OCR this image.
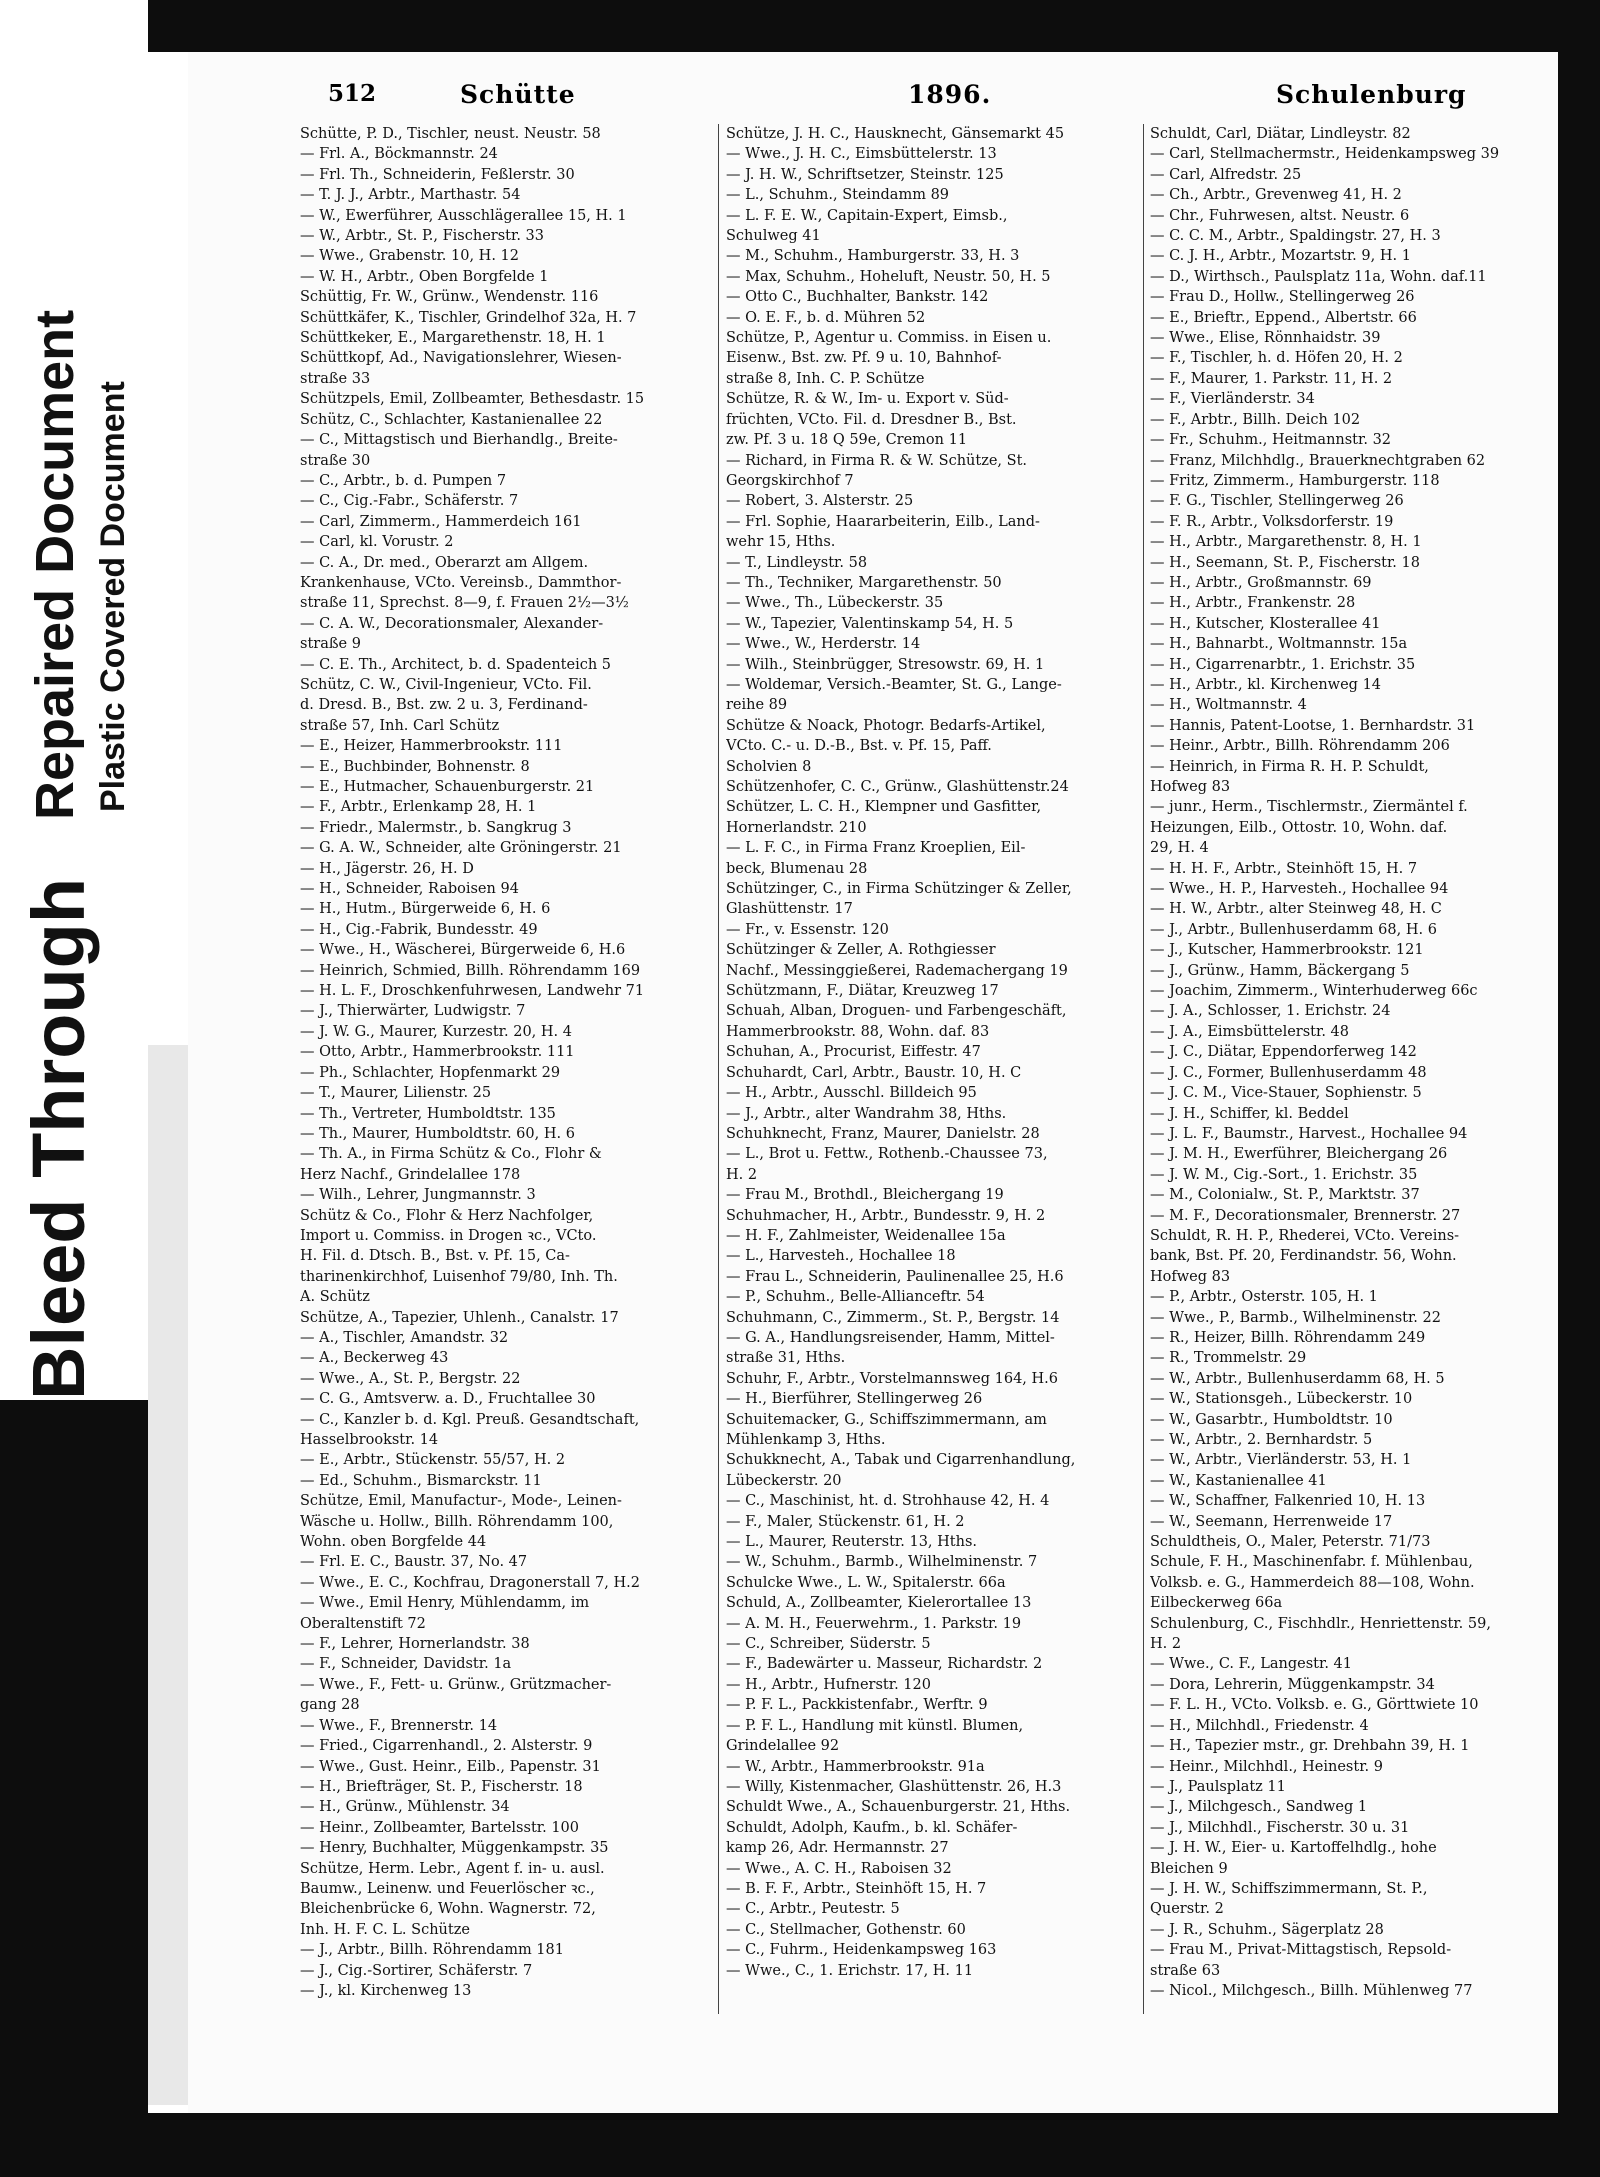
Repaired Document Plastic Covered Document
Bleed Through
512	Schütte	1896.	Schulenburg
Schütte, P. D., Tischler, neust. Neustr. 58
— Frl. A., Böckmannstr. 24
— Frl. Th., Schneiderin, Feßlerstr. 30
— T. J. J., Arbtr., Marthastr. 54
— W., Ewerführer, Ausschlägerallee 15, H. 1
— W., Arbtr., St. P., Fischerstr. 33
— Wwe., Grabenstr. 10, H. 12
— W. H., Arbtr., Oben Borgfelde 1
Schüttig, Fr. W., Grünw., Wendenstr. 116
Schüttkäfer, K., Tischler, Grindelhof 32a, H. 7
Schüttkeker, E., Margarethenstr. 18, H. 1
Schüttkopf, Ad., Navigationslehrer, Wiesen-
straße 33
Schützpels, Emil, Zollbeamter, Bethesdastr. 15
Schütz, C., Schlachter, Kastanienallee 22
— C., Mittagstisch und Bierhandlg., Breite-
straße 30
— C., Arbtr., b. d. Pumpen 7
— C., Cig.-Fabr., Schäferstr. 7
— Carl, Zimmerm., Hammerdeich 161
— Carl, kl. Vorustr. 2
— C. A., Dr. med., Oberarzt am Allgem.
Krankenhause, VCto. Vereinsb., Dammthor-
straße 11, Sprechst. 8—9, f. Frauen 2½—3½
— C. A. W., Decorationsmaler, Alexander-
straße 9
— C. E. Th., Architect, b. d. Spadenteich 5
Schütz, C. W., Civil-Ingenieur, VCto. Fil.
d. Dresd. B., Bst. zw. 2 u. 3, Ferdinand-
straße 57, Inh. Carl Schütz
— E., Heizer, Hammerbrookstr. 111
— E., Buchbinder, Bohnenstr. 8
— E., Hutmacher, Schauenburgerstr. 21
— F., Arbtr., Erlenkamp 28, H. 1
— Friedr., Malermstr., b. Sangkrug 3
— G. A. W., Schneider, alte Gröningerstr. 21
— H., Jägerstr. 26, H. D
— H., Schneider, Raboisen 94
— H., Hutm., Bürgerweide 6, H. 6
— H., Cig.-Fabrik, Bundesstr. 49
— Wwe., H., Wäscherei, Bürgerweide 6, H.6
— Heinrich, Schmied, Billh. Röhrendamm 169
— H. L. F., Droschkenfuhrwesen, Landwehr 71
— J., Thierwärter, Ludwigstr. 7
— J. W. G., Maurer, Kurzestr. 20, H. 4
— Otto, Arbtr., Hammerbrookstr. 111
— Ph., Schlachter, Hopfenmarkt 29
— T., Maurer, Lilienstr. 25
— Th., Vertreter, Humboldtstr. 135
— Th., Maurer, Humboldtstr. 60, H. 6
— Th. A., in Firma Schütz & Co., Flohr &
Herz Nachf., Grindelallee 178
— Wilh., Lehrer, Jungmannstr. 3
Schütz & Co., Flohr & Herz Nachfolger,
Import u. Commiss. in Drogen ꝛc., VCto.
H. Fil. d. Dtsch. B., Bst. v. Pf. 15, Ca-
tharinenkirchhof, Luisenhof 79/80, Inh. Th.
A. Schütz
Schütze, A., Tapezier, Uhlenh., Canalstr. 17
— A., Tischler, Amandstr. 32
— A., Beckerweg 43
— Wwe., A., St. P., Bergstr. 22
— C. G., Amtsverw. a. D., Fruchtallee 30
— C., Kanzler b. d. Kgl. Preuß. Gesandtschaft,
Hasselbrookstr. 14
— E., Arbtr., Stückenstr. 55/57, H. 2
— Ed., Schuhm., Bismarckstr. 11
Schütze, Emil, Manufactur-, Mode-, Leinen-
Wäsche u. Hollw., Billh. Röhrendamm 100,
Wohn. oben Borgfelde 44
— Frl. E. C., Baustr. 37, No. 47
— Wwe., E. C., Kochfrau, Dragonerstall 7, H.2
— Wwe., Emil Henry, Mühlendamm, im
Oberaltenstift 72
— F., Lehrer, Hornerlandstr. 38
— F., Schneider, Davidstr. 1a
— Wwe., F., Fett- u. Grünw., Grützmacher-
gang 28
— Wwe., F., Brennerstr. 14
— Fried., Cigarrenhandl., 2. Alsterstr. 9
— Wwe., Gust. Heinr., Eilb., Papenstr. 31
— H., Briefträger, St. P., Fischerstr. 18
— H., Grünw., Mühlenstr. 34
— Heinr., Zollbeamter, Bartelsstr. 100
— Henry, Buchhalter, Müggenkampstr. 35
Schütze, Herm. Lebr., Agent f. in- u. ausl.
Baumw., Leinenw. und Feuerlöscher ꝛc.,
Bleichenbrücke 6, Wohn. Wagnerstr. 72,
Inh. H. F. C. L. Schütze
— J., Arbtr., Billh. Röhrendamm 181
— J., Cig.-Sortirer, Schäferstr. 7
— J., kl. Kirchenweg 13
Schütze, J. H. C., Hausknecht, Gänsemarkt 45
— Wwe., J. H. C., Eimsbüttelerstr. 13
— J. H. W., Schriftsetzer, Steinstr. 125
— L., Schuhm., Steindamm 89
— L. F. E. W., Capitain-Expert, Eimsb.,
Schulweg 41
— M., Schuhm., Hamburgerstr. 33, H. 3
— Max, Schuhm., Hoheluft, Neustr. 50, H. 5
— Otto C., Buchhalter, Bankstr. 142
— O. E. F., b. d. Mühren 52
Schütze, P., Agentur u. Commiss. in Eisen u.
Eisenw., Bst. zw. Pf. 9 u. 10, Bahnhof-
straße 8, Inh. C. P. Schütze
Schütze, R. & W., Im- u. Export v. Süd-
früchten, VCto. Fil. d. Dresdner B., Bst.
zw. Pf. 3 u. 18 Q 59e, Cremon 11
— Richard, in Firma R. & W. Schütze, St.
Georgskirchhof 7
— Robert, 3. Alsterstr. 25
— Frl. Sophie, Haararbeiterin, Eilb., Land-
wehr 15, Hths.
— T., Lindleystr. 58
— Th., Techniker, Margarethenstr. 50
— Wwe., Th., Lübeckerstr. 35
— W., Tapezier, Valentinskamp 54, H. 5
— Wwe., W., Herderstr. 14
— Wilh., Steinbrügger, Stresowstr. 69, H. 1
— Woldemar, Versich.-Beamter, St. G., Lange-
reihe 89
Schütze & Noack, Photogr. Bedarfs-Artikel,
VCto. C.- u. D.-B., Bst. v. Pf. 15, Paff.
Scholvien 8
Schützenhofer, C. C., Grünw., Glashüttenstr.24
Schützer, L. C. H., Klempner und Gasfitter,
Hornerlandstr. 210
— L. F. C., in Firma Franz Kroeplien, Eil-
beck, Blumenau 28
Schützinger, C., in Firma Schützinger & Zeller,
Glashüttenstr. 17
— Fr., v. Essenstr. 120
Schützinger & Zeller, A. Rothgiesser
Nachf., Messinggießerei, Rademachergang 19
Schützmann, F., Diätar, Kreuzweg 17
Schuah, Alban, Droguen- und Farbengeschäft,
Hammerbrookstr. 88, Wohn. daf. 83
Schuhan, A., Procurist, Eiffestr. 47
Schuhardt, Carl, Arbtr., Baustr. 10, H. C
— H., Arbtr., Ausschl. Billdeich 95
— J., Arbtr., alter Wandrahm 38, Hths.
Schuhknecht, Franz, Maurer, Danielstr. 28
— L., Brot u. Fettw., Rothenb.-Chaussee 73,
H. 2
— Frau M., Brothdl., Bleichergang 19
Schuhmacher, H., Arbtr., Bundesstr. 9, H. 2
— H. F., Zahlmeister, Weidenallee 15a
— L., Harvesteh., Hochallee 18
— Frau L., Schneiderin, Paulinenallee 25, H.6
— P., Schuhm., Belle-Allianceftr. 54
Schuhmann, C., Zimmerm., St. P., Bergstr. 14
— G. A., Handlungsreisender, Hamm, Mittel-
straße 31, Hths.
Schuhr, F., Arbtr., Vorstelmannsweg 164, H.6
— H., Bierführer, Stellingerweg 26
Schuitemacker, G., Schiffszimmermann, am
Mühlenkamp 3, Hths.
Schukknecht, A., Tabak und Cigarrenhandlung,
Lübeckerstr. 20
— C., Maschinist, ht. d. Strohhause 42, H. 4
— F., Maler, Stückenstr. 61, H. 2
— L., Maurer, Reuterstr. 13, Hths.
— W., Schuhm., Barmb., Wilhelminenstr. 7
Schulcke Wwe., L. W., Spitalerstr. 66a
Schuld, A., Zollbeamter, Kielerortallee 13
— A. M. H., Feuerwehrm., 1. Parkstr. 19
— C., Schreiber, Süderstr. 5
— F., Badewärter u. Masseur, Richardstr. 2
— H., Arbtr., Hufnerstr. 120
— P. F. L., Packkistenfabr., Werftr. 9
— P. F. L., Handlung mit künstl. Blumen,
Grindelallee 92
— W., Arbtr., Hammerbrookstr. 91a
— Willy, Kistenmacher, Glashüttenstr. 26, H.3
Schuldt Wwe., A., Schauenburgerstr. 21, Hths.
Schuldt, Adolph, Kaufm., b. kl. Schäfer-
kamp 26, Adr. Hermannstr. 27
— Wwe., A. C. H., Raboisen 32
— B. F. F., Arbtr., Steinhöft 15, H. 7
— C., Arbtr., Peutestr. 5
— C., Stellmacher, Gothenstr. 60
— C., Fuhrm., Heidenkampsweg 163
— Wwe., C., 1. Erichstr. 17, H. 11
Schuldt, Carl, Diätar, Lindleystr. 82
— Carl, Stellmachermstr., Heidenkampsweg 39
— Carl, Alfredstr. 25
— Ch., Arbtr., Grevenweg 41, H. 2
— Chr., Fuhrwesen, altst. Neustr. 6
— C. C. M., Arbtr., Spaldingstr. 27, H. 3
— C. J. H., Arbtr., Mozartstr. 9, H. 1
— D., Wirthsch., Paulsplatz 11a, Wohn. daf.11
— Frau D., Hollw., Stellingerweg 26
— E., Brieftr., Eppend., Albertstr. 66
— Wwe., Elise, Rönnhaidstr. 39
— F., Tischler, h. d. Höfen 20, H. 2
— F., Maurer, 1. Parkstr. 11, H. 2
— F., Vierländerstr. 34
— F., Arbtr., Billh. Deich 102
— Fr., Schuhm., Heitmannstr. 32
— Franz, Milchhdlg., Brauerknechtgraben 62
— Fritz, Zimmerm., Hamburgerstr. 118
— F. G., Tischler, Stellingerweg 26
— F. R., Arbtr., Volksdorferstr. 19
— H., Arbtr., Margarethenstr. 8, H. 1
— H., Seemann, St. P., Fischerstr. 18
— H., Arbtr., Großmannstr. 69
— H., Arbtr., Frankenstr. 28
— H., Kutscher, Klosterallee 41
— H., Bahnarbt., Woltmannstr. 15a
— H., Cigarrenarbtr., 1. Erichstr. 35
— H., Arbtr., kl. Kirchenweg 14
— H., Woltmannstr. 4
— Hannis, Patent-Lootse, 1. Bernhardstr. 31
— Heinr., Arbtr., Billh. Röhrendamm 206
— Heinrich, in Firma R. H. P. Schuldt,
Hofweg 83
— junr., Herm., Tischlermstr., Ziermäntel f.
Heizungen, Eilb., Ottostr. 10, Wohn. daf.
29, H. 4
— H. H. F., Arbtr., Steinhöft 15, H. 7
— Wwe., H. P., Harvesteh., Hochallee 94
— H. W., Arbtr., alter Steinweg 48, H. C
— J., Arbtr., Bullenhuserdamm 68, H. 6
— J., Kutscher, Hammerbrookstr. 121
— J., Grünw., Hamm, Bäckergang 5
— Joachim, Zimmerm., Winterhuderweg 66c
— J. A., Schlosser, 1. Erichstr. 24
— J. A., Eimsbüttelerstr. 48
— J. C., Diätar, Eppendorferweg 142
— J. C., Former, Bullenhuserdamm 48
— J. C. M., Vice-Stauer, Sophienstr. 5
— J. H., Schiffer, kl. Beddel
— J. L. F., Baumstr., Harvest., Hochallee 94
— J. M. H., Ewerführer, Bleichergang 26
— J. W. M., Cig.-Sort., 1. Erichstr. 35
— M., Colonialw., St. P., Marktstr. 37
— M. F., Decorationsmaler, Brennerstr. 27
Schuldt, R. H. P., Rhederei, VCto. Vereins-
bank, Bst. Pf. 20, Ferdinandstr. 56, Wohn.
Hofweg 83
— P., Arbtr., Osterstr. 105, H. 1
— Wwe., P., Barmb., Wilhelminenstr. 22
— R., Heizer, Billh. Röhrendamm 249
— R., Trommelstr. 29
— W., Arbtr., Bullenhuserdamm 68, H. 5
— W., Stationsgeh., Lübeckerstr. 10
— W., Gasarbtr., Humboldtstr. 10
— W., Arbtr., 2. Bernhardstr. 5
— W., Arbtr., Vierländerstr. 53, H. 1
— W., Kastanienallee 41
— W., Schaffner, Falkenried 10, H. 13
— W., Seemann, Herrenweide 17
Schuldtheis, O., Maler, Peterstr. 71/73
Schule, F. H., Maschinenfabr. f. Mühlenbau,
Volksb. e. G., Hammerdeich 88—108, Wohn.
Eilbeckerweg 66a
Schulenburg, C., Fischhdlr., Henriettenstr. 59,
H. 2
— Wwe., C. F., Langestr. 41
— Dora, Lehrerin, Müggenkampstr. 34
— F. L. H., VCto. Volksb. e. G., Görttwiete 10
— H., Milchhdl., Friedenstr. 4
— H., Tapezier mstr., gr. Drehbahn 39, H. 1
— Heinr., Milchhdl., Heinestr. 9
— J., Paulsplatz 11
— J., Milchgesch., Sandweg 1
— J., Milchhdl., Fischerstr. 30 u. 31
— J. H. W., Eier- u. Kartoffelhdlg., hohe
Bleichen 9
— J. H. W., Schiffszimmermann, St. P.,
Querstr. 2
— J. R., Schuhm., Sägerplatz 28
— Frau M., Privat-Mittagstisch, Repsold-
straße 63
— Nicol., Milchgesch., Billh. Mühlenweg 77
